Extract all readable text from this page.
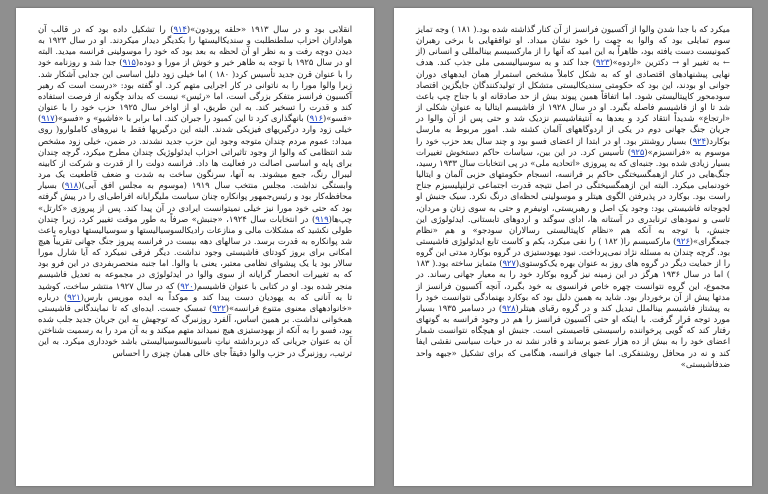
انقلابی بود و در سال ۱۹۱۳ «حلقه پرودون»(۹۱۴) را تشکیل داده بود که در قالب آن هواداران احزاب سلطنطلبت و سندیکالیستها را بکدیگر دیدار میکردند. او در سال ۱۹۲۳ به دیدن دوچه رفت و به نظر او آن لحظه به بعد بود که خود را موسولینی فرانسه میدید. البته او در سال ۱۹۲۵ با توجه به ظاهر خیر و خوش از مورا و دوده(۹۱۵) جدا شد و روزنامه خود را با عنوان قرن جدید تأسیس کرد( ۱۸۰ ) اما خیلی زود دلیل اساسی این جدایی آشکار شد. زیرا والوا مورا را به ناتوانی در کار اجرایی متهم کرد. او گفته بود: «درست است که رهبر آکسیون فرانسز متفکر بزرگی است، اما «رئیس» نیست که بداند چگونه از فرصت استفاده کند و قدرت را تسخیر کند. به این طریق، او از اواخر سال ۱۹۲۵ حزب خود را با عنوان «فسو»(۹۱۶) بانهگذاری کرد تا این کمبود را جبران کند. اما برابر با «فاشیو» و «فسو»(۹۱۷) خیلی زود وارد درگیریهای فیزیکی شدند. البته این درگیریها فقط با نیروهای کاملوارو( روی میداد: عموم مردم چندان متوجه وجود این حزب جدید نشدند. در ضمن، خیلی زود مشخص شد انتظامی که والوا از وجود تاثیراتی احزاب ایدئولوژیک چندان مطرح میکرد، گرچه چندان برای پایه و اساسی اصالت در فعالیت ها داد. فرانسه دولت را از قدرت و شرکت از کابینه لیبرال رنگ، جمع میشوند. به آنها، سرنگون ساخت به شدت و ضعف قاطعیت یک مرد وابستگی نداشت. مجلس منتخب سال ۱۹۱۹ (موسوم به مجلس افق آبی)(۹۱۸) بسیار محافظه‌کار بود و رئیس‌جمهور پوانکاره چنان سیاست ملیگرایانه افراطی‌ای را در پیش گرفته بود که حتی خود مورا نیز خیلی نمیتوانست ایرادی در آن پیدا کند. پس از پیروزی «کارتل» چپ‌ها(۹۱۹) در انتخابات سال ۱۹۲۴، «جنبش» صرفاً به طور موقت تغییر کرد، زیرا چندان طولی نکشید که مشکلات مالی و منازعات رادیکالسوسیالیستها و سوسیالیستها دوباره باعث شد پوانکاره به قدرت برسد. در سالهای دهه بیست در فرانسه پیروز جنگ جهانی تقریباً هیچ امکانی برای بروز کودتای فاشیستی وجود نداشت. دیگر فرقی نمیکرد که آیا شارل مورا سالار بود یا یک پیشوای نظامی معتبر، یعنی با والوا. اما جنبه منحصربفردی در این فرو بود که به تغییرات انحصار گرایانه از سوی والوا در ایدئولوژی در مجموعه به تعدیل فاشیسم منجر شده بود. او در کتابی با عنوان فاشیسم(۹۲۰) که در سال ۱۹۲۷ منتشر ساخت، کوشید تا به آنانی که به یهودیان دست پیدا کند و موکداً به ایده موریس بارس(۹۲۱) درباره «خانوادههای معنوی متنوع فرانسه»(۹۲۲) تمسک جست. ایده‌ای که تا نمایندگانی فاشیستی همخوانی نداشت. بر همین اساس، آلفرد روزنبرگ که توجهش به این جریان جدید جلب شده بود، فسو را به آنکه از بهودستیزی هیچ نمیداند متهم میکند و به آن مرد را به رسمیت شناختن آن به عنوان جریانی که دربرداشته نیاتِ ناسیونالسوسیالیستی باشد خودداری میکرد. به این ترتیب، روزنبرگ در حزب والوا دقیقاً جای خالی همان چیزی را احساس

میکرد که با جدا شدن والوا از آکسیون فرانسز از آن کنار گذاشته شده بود.( ۱۸۱ ) وجه تمایز سوم تمایلی بود که والوا به جهت را خود نشان میداد. او توافقهایی با برخی رهبران کمونیست دست یافته بود، ظاهراً به این امید که آنها را از مارکسیسم بینالمللی و انسانی (از ← به تغییر او → دکترین «اردوه»(۹۲۳) جدا کند و به سوسیالیسمی ملی جذب کند. هدف نهایی پیشنهادهای اقتصادی او که به شکل کاملاً مشخص استمرار همان ایدههای دوران جوانی او بودند، این بود که حکومتی سندیکالیستی متشکل از تولیدکنندگان جایگزین اقتصاد سودمحور کاپیتالیستی شود. اما اتفاقاً همین پیوند بیش از حد صادقانه او با جناح چپ باعث شد تا او از فاشیسم فاصله بگیرد. او در سال ۱۹۲۸ از فاشیسم ایتالیا به عنوان شکلی از «ارتجاع» شدیداً انتقاد کرد و بعدها به آنتیفاشیسم نزدیک شد و حتی پس از آن والوا در جریان جنگ جهانی دوم در یکی از اردوگاههای آلمان کشته شد. امور مربوط به مارسل بوکارد(۹۲۴) بسیار روشنتر بود. او در ابتدا از اعضای فسو بود و چند سال بعد حزب خود را موسوم به «فرانسیزم»(۹۲۵) تأسیس کرد. در این بین، سیاسات حاکم دستخوش تغییرات بسیار زیادی شده بود. جنبه‌ای که به پیروزی «اتحادیه ملی» در پی انتخابات سال ۱۹۳۳ رسید، جنگ‌هایی در کنار ازهمگسیختگی حاکم بر فرانسه، انسجام حکومتهای حزبی آلمان و ایتالیا خودنمایی میکرد. البته این ازهمگسیختگی در اصل نتیجه قدرت اجتماعی ترلنپلیسیزم جناح راست بود. بوکارد در پذیرفتن الگوی هیتلر و موسولینی لحظه‌ای درنگ نکرد. سیک جنبش او لجوجانه فاشیستی بود: وجود یک اصل و رهبریستی، اونیفرم و حتی به سوی زنان و مردان، تاسی و نمودهای ترنابدری در آستانه ها، ادای سوگند و اردوهای تابستانی. ایدئولوژی این جنبش، با توجه به آنکه هم «نظام کاپیتالیستی رسالاران سودجو» و هم «نظام جمعگرای»(۹۲۶) مارکسیسم را( ۱۸۲ ) را نفی میکرد، بکم و کاست تابع ایدئولوژی فاشیستی بود. گرچه چندان به مسئله نژاد نمی‌پرداخت. نبود یهودستیزی در گروه بوکارد مدتی این گروه را از حمایت دیگر در گروه های روز به عنوان بهره یک‌کوستوی(۹۲۷) متمایز ساخته بود.( ۱۸۳ ) اما در سال ۱۹۳۶ هرگز در این زمینه نیز گروه بوکارد خود را به معیار جهانی رساند. در مجموع، این گروه نتوانست چهره خاص فرانسوی به خود بگیرد، آنچه آکسیون فرانسز از مدتها پیش از آن برخوردار بود. شاید به همین دلیل بود که بوکارد بهنمادگی نتوانست خود را به پیشتاز فاشیسم بینالملل تبدیل کند و در گروه رقبای هیتلر(۹۲۸) در دسامبر ۱۹۳۵ بسیار مورد توجه قرار گرفت. با اینکه او حتی آکسیون فرانسز را هم در وجود فرانسه به گونهای رفتار کند که گویی پرخواننده راسیستی قاصیستی است. جنبش او هیچگاه نتوانست شمار اعضای خود را به بیش از ده هزار عضو برساند و قادر نشد نه در حیات سیاسی نقشی ایفا کند و نه در محافل روشنفکری. اما جبهای فرانسه، هنگامی که برای تشکیل «جبهه واحد ضدفاشیستی»
